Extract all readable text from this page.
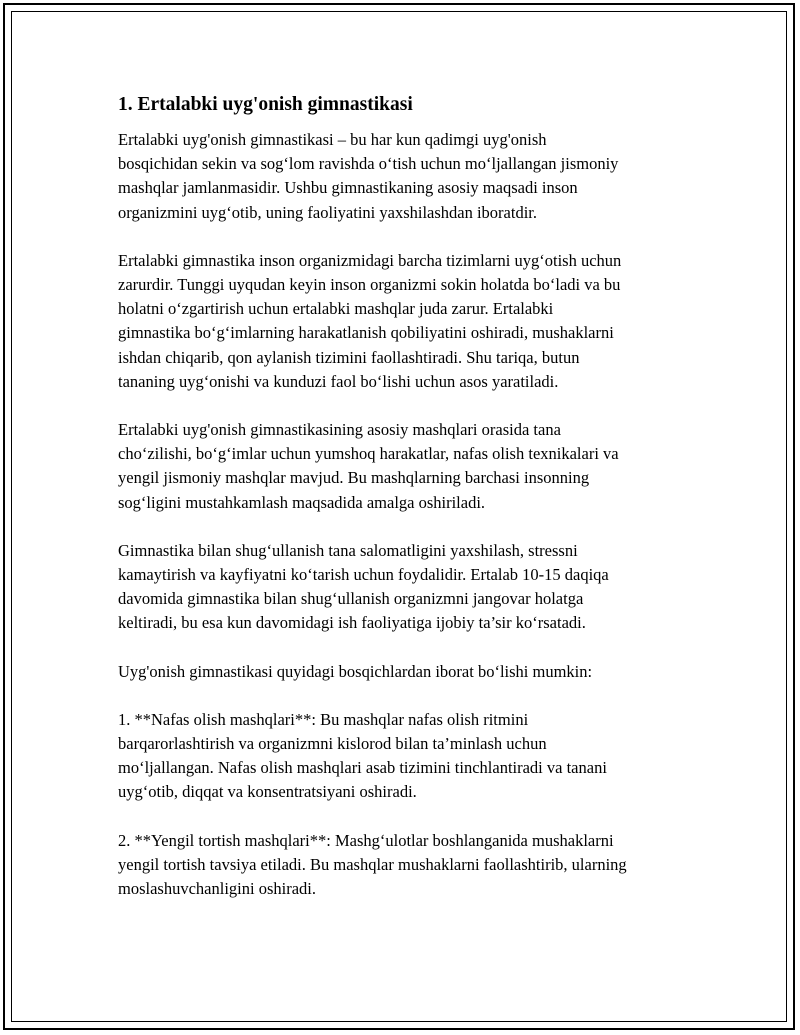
1. Ertalabki uyg'onish gimnastikasi
Ertalabki uyg'onish gimnastikasi – bu har kun qadimgi uyg'onish
bosqichidan sekin va sog‘lom ravishda o‘tish uchun mo‘ljallangan jismoniy
mashqlar jamlanmasidir. Ushbu gimnastikaning asosiy maqsadi inson
organizmini uyg‘otib, uning faoliyatini yaxshilashdan iboratdir.
Ertalabki gimnastika inson organizmidagi barcha tizimlarni uyg‘otish uchun
zarurdir. Tunggi uyqudan keyin inson organizmi sokin holatda bo‘ladi va bu
holatni o‘zgartirish uchun ertalabki mashqlar juda zarur. Ertalabki
gimnastika bo‘g‘imlarning harakatlanish qobiliyatini oshiradi, mushaklarni
ishdan chiqarib, qon aylanish tizimini faollashtiradi. Shu tariqa, butun
tananing uyg‘onishi va kunduzi faol bo‘lishi uchun asos yaratiladi.
Ertalabki uyg'onish gimnastikasining asosiy mashqlari orasida tana
cho‘zilishi, bo‘g‘imlar uchun yumshoq harakatlar, nafas olish texnikalari va
yengil jismoniy mashqlar mavjud. Bu mashqlarning barchasi insonning
sog‘ligini mustahkamlash maqsadida amalga oshiriladi.
Gimnastika bilan shug‘ullanish tana salomatligini yaxshilash, stressni
kamaytirish va kayfiyatni ko‘tarish uchun foydalidir. Ertalab 10-15 daqiqa
davomida gimnastika bilan shug‘ullanish organizmni jangovar holatga
keltiradi, bu esa kun davomidagi ish faoliyatiga ijobiy ta’sir ko‘rsatadi.
Uyg'onish gimnastikasi quyidagi bosqichlardan iborat bo‘lishi mumkin:
1. **Nafas olish mashqlari**: Bu mashqlar nafas olish ritmini
barqarorlashtirish va organizmni kislorod bilan ta’minlash uchun
mo‘ljallangan. Nafas olish mashqlari asab tizimini tinchlantiradi va tanani
uyg‘otib, diqqat va konsentratsiyani oshiradi.
2. **Yengil tortish mashqlari**: Mashg‘ulotlar boshlanganida mushaklarni
yengil tortish tavsiya etiladi. Bu mashqlar mushaklarni faollashtirib, ularning
moslashuvchanligini oshiradi.
